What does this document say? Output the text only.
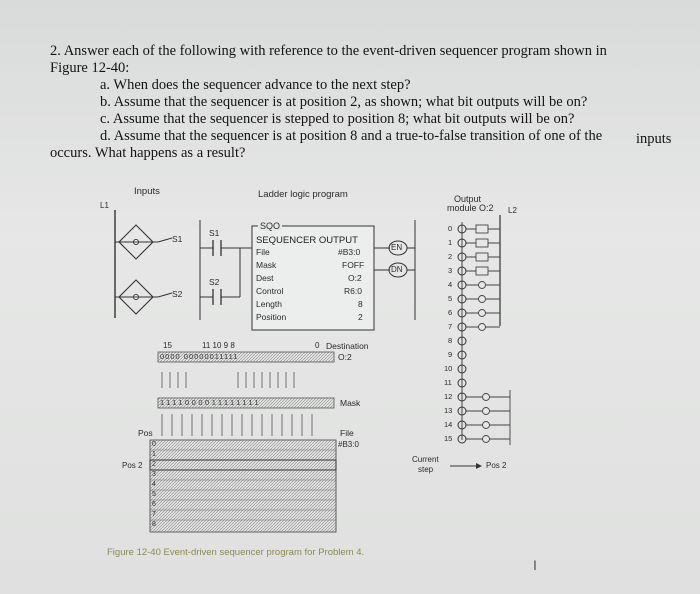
2. Answer each of the following with reference to the event-driven sequencer program shown in
Figure 12-40:
a. When does the sequencer advance to the next step?
b. Assume that the sequencer is at position 2, as shown; what bit outputs will be on?
c. Assume that the sequencer is stepped to position 8; what bit outputs will be on?
d. Assume that the sequencer is at position 8 and a true-to-false transition of one of the inputs
occurs. What happens as a result?
Inputs	Ladder logic program	Output
module O:2
L1
L2
S1
S2
S1
S2
SQO
SEQUENCER OUTPUT
File	#B3:0
Mask	FOFF
Dest	O:2
Control	R6:0
Length	8
Position	2
EN
DN
15	11 10 9 8	0 Destination
0000 00000011111	O:2
1111000011111111	Mask
File
#B3:0
Pos
Pos 2
0
1
2
3
4
5
6
7
8
0
1
2
3
4
5
6
7
8
9
10
11
12
13
14
15
Current
step	Pos 2
Figure 12-40 Event-driven sequencer program for Problem 4.
I
